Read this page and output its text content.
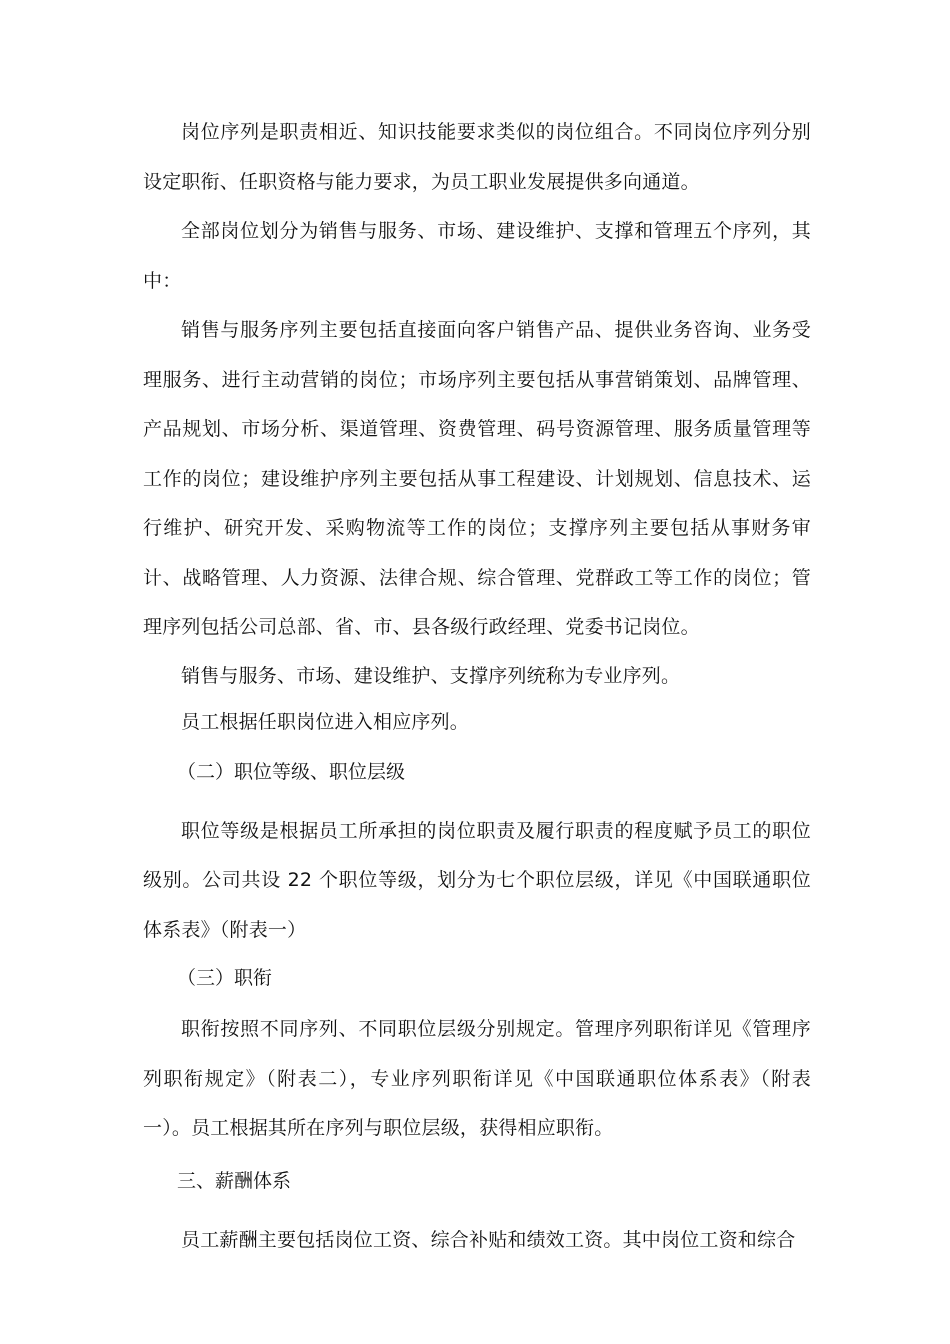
岗位序列是职责相近、知识技能要求类似的岗位组合。不同岗位序列分别设定职衔、任职资格与能力要求，为员工职业发展提供多向通道。

全部岗位划分为销售与服务、市场、建设维护、支撑和管理五个序列，其中：

销售与服务序列主要包括直接面向客户销售产品、提供业务咨询、业务受理服务、进行主动营销的岗位；市场序列主要包括从事营销策划、品牌管理、产品规划、市场分析、渠道管理、资费管理、码号资源管理、服务质量管理等工作的岗位；建设维护序列主要包括从事工程建设、计划规划、信息技术、运行维护、研究开发、采购物流等工作的岗位；支撑序列主要包括从事财务审计、战略管理、人力资源、法律合规、综合管理、党群政工等工作的岗位；管理序列包括公司总部、省、市、县各级行政经理、党委书记岗位。

销售与服务、市场、建设维护、支撑序列统称为专业序列。

员工根据任职岗位进入相应序列。

（二）职位等级、职位层级

职位等级是根据员工所承担的岗位职责及履行职责的程度赋予员工的职位级别。公司共设 22 个职位等级，划分为七个职位层级，详见《中国联通职位体系表》（附表一）

（三）职衔

职衔按照不同序列、不同职位层级分别规定。管理序列职衔详见《管理序列职衔规定》（附表二），专业序列职衔详见《中国联通职位体系表》（附表一）。员工根据其所在序列与职位层级，获得相应职衔。

三、薪酬体系

员工薪酬主要包括岗位工资、综合补贴和绩效工资。其中岗位工资和综合
